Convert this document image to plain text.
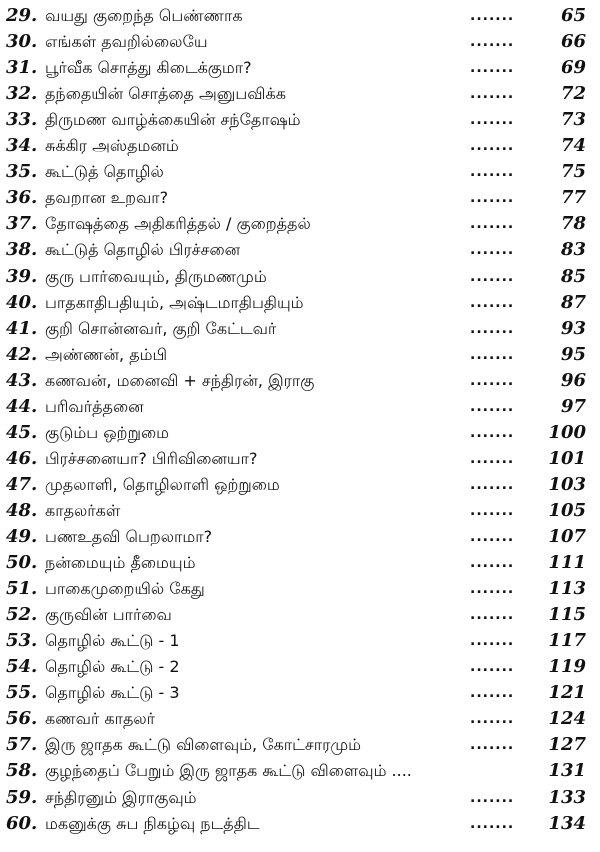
29. வயது குறைந்த பெண்ணாக	.......	65
30. எங்கள் தவறில்லையே	.......	66
31. பூர்வீக சொத்து கிடைக்குமா?	.......	69
32. தந்தையின் சொத்தை அனுபவிக்க	.......	72
33. திருமண வாழ்க்கையின் சந்தோஷம்	.......	73
34. சுக்கிர அஸ்தமனம்	.......	74
35. கூட்டுத் தொழில்	.......	75
36. தவறான உறவா?	.......	77
37. தோஷத்தை அதிகரித்தல் / குறைத்தல்	.......	78
38. கூட்டுத் தொழில் பிரச்சனை	.......	83
39. குரு பார்வையும், திருமணமும்	.......	85
40. பாதகாதிபதியும், அஷ்டமாதிபதியும்	.......	87
41. குறி சொன்னவர், குறி கேட்டவர்	.......	93
42. அண்ணன், தம்பி	.......	95
43. கணவன், மனைவி + சந்திரன், இராகு	.......	96
44. பரிவர்த்தனை	.......	97
45. குடும்ப ஒற்றுமை	.......	100
46. பிரச்சனையா? பிரிவினையா?	.......	101
47. முதலாளி, தொழிலாளி ஒற்றுமை	.......	103
48. காதலர்கள்	.......	105
49. பணஉதவி பெறலாமா?	.......	107
50. நன்மையும் தீமையும்	.......	111
51. பாகைமுறையில் கேது	.......	113
52. குருவின் பார்வை	.......	115
53. தொழில் கூட்டு - 1	.......	117
54. தொழில் கூட்டு - 2	.......	119
55. தொழில் கூட்டு - 3	.......	121
56. கணவர் காதலர்	.......	124
57. இரு ஜாதக கூட்டு விளைவும், கோட்சாரமும்	.......	127
58. குழந்தைப் பேறும் இரு ஜாதக கூட்டு விளைவும் ....	131
59. சந்திரனும் இராகுவும்	.......	133
60. மகனுக்கு சுப நிகழ்வு நடத்திட	.......	134
